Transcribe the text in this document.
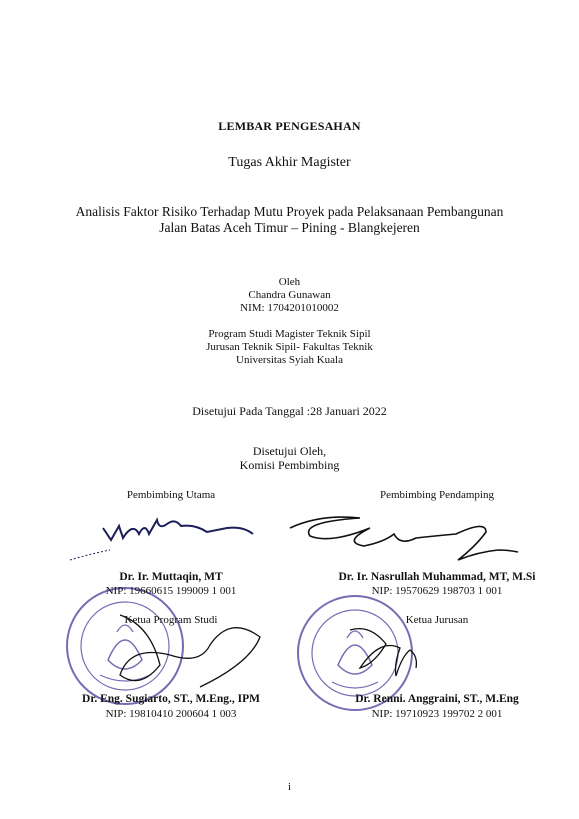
LEMBAR PENGESAHAN
Tugas Akhir Magister
Analisis Faktor Risiko Terhadap Mutu Proyek pada Pelaksanaan Pembangunan
Jalan Batas Aceh Timur – Pining - Blangkejeren
Oleh
Chandra Gunawan
NIM: 1704201010002
Program Studi Magister Teknik Sipil
Jurusan Teknik Sipil- Fakultas Teknik
Universitas Syiah Kuala
Disetujui Pada Tanggal :28 Januari 2022
Disetujui Oleh,
Komisi Pembimbing
Pembimbing Utama	Pembimbing Pendamping
Dr. Ir. Muttaqin, MT
NIP: 19660615 199009 1 001
Dr. Ir. Nasrullah Muhammad, MT, M.Si
NIP: 19570629 198703 1 001
Ketua Program Studi	Ketua Jurusan
Dr. Eng. Sugiarto, ST., M.Eng., IPM
NIP: 19810410 200604 1 003
Dr. Renni. Anggraini, ST., M.Eng
NIP: 19710923 199702 2 001
i
